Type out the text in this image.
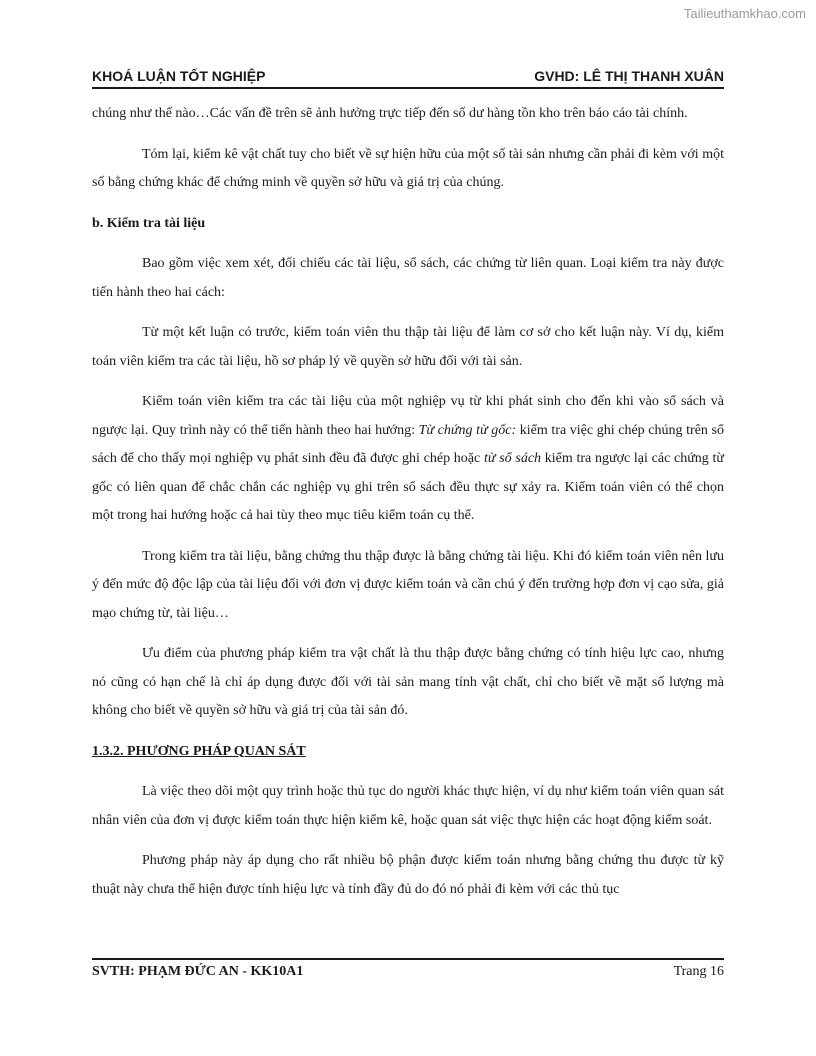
Tailieuthamkhao.com
KHOÁ LUẬN TỐT NGHIỆP	GVHD: LÊ THỊ THANH XUÂN

chúng như thế nào…Các vấn đề trên sẽ ảnh hưởng trực tiếp đến số dư hàng tồn kho trên báo cáo tài chính.

Tóm lại, kiểm kê vật chất tuy cho biết về sự hiện hữu của một số tài sản nhưng cần phải đi kèm với một số bằng chứng khác để chứng minh về quyền sở hữu và giá trị của chúng.

b. Kiểm tra tài liệu

Bao gồm việc xem xét, đối chiếu các tài liệu, sổ sách, các chứng từ liên quan. Loại kiểm tra này được tiến hành theo hai cách:

Từ một kết luận có trước, kiểm toán viên thu thập tài liệu để làm cơ sở cho kết luận này. Ví dụ, kiểm toán viên kiểm tra các tài liệu, hồ sơ pháp lý về quyền sở hữu đối với tài sản.

Kiểm toán viên kiểm tra các tài liệu của một nghiệp vụ từ khi phát sinh cho đến khi vào sổ sách và ngược lại. Quy trình này có thể tiến hành theo hai hướng: Từ chứng từ gốc: kiểm tra việc ghi chép chúng trên sổ sách để cho thấy mọi nghiệp vụ phát sinh đều đã được ghi chép hoặc từ sổ sách kiểm tra ngược lại các chứng từ gốc có liên quan để chắc chắn các nghiệp vụ ghi trên sổ sách đều thực sự xảy ra. Kiểm toán viên có thể chọn một trong hai hướng hoặc cả hai tùy theo mục tiêu kiểm toán cụ thể.

Trong kiểm tra tài liệu, bằng chứng thu thập được là bằng chứng tài liệu. Khi đó kiểm toán viên nên lưu ý đến mức độ độc lập của tài liệu đối với đơn vị được kiểm toán và cần chú ý đến trường hợp đơn vị cạo sửa, giả mạo chứng từ, tài liệu…

Ưu điểm của phương pháp kiểm tra vật chất là thu thập được bằng chứng có tính hiệu lực cao, nhưng nó cũng có hạn chế là chỉ áp dụng được đối với tài sản mang tính vật chất, chỉ cho biết về mặt số lượng mà không cho biết về quyền sở hữu và giá trị của tài sản đó.

1.3.2. PHƯƠNG PHÁP QUAN SÁT

Là việc theo dõi một quy trình hoặc thủ tục do người khác thực hiện, ví dụ như kiểm toán viên quan sát nhân viên của đơn vị được kiểm toán thực hiện kiểm kê, hoặc quan sát việc thực hiện các hoạt động kiểm soát.

Phương pháp này áp dụng cho rất nhiều bộ phận được kiểm toán nhưng bằng chứng thu được từ kỹ thuật này chưa thể hiện được tính hiệu lực và tính đầy đủ do đó nó phải đi kèm với các thủ tục

SVTH: PHẠM ĐỨC AN - KK10A1	Trang 16
